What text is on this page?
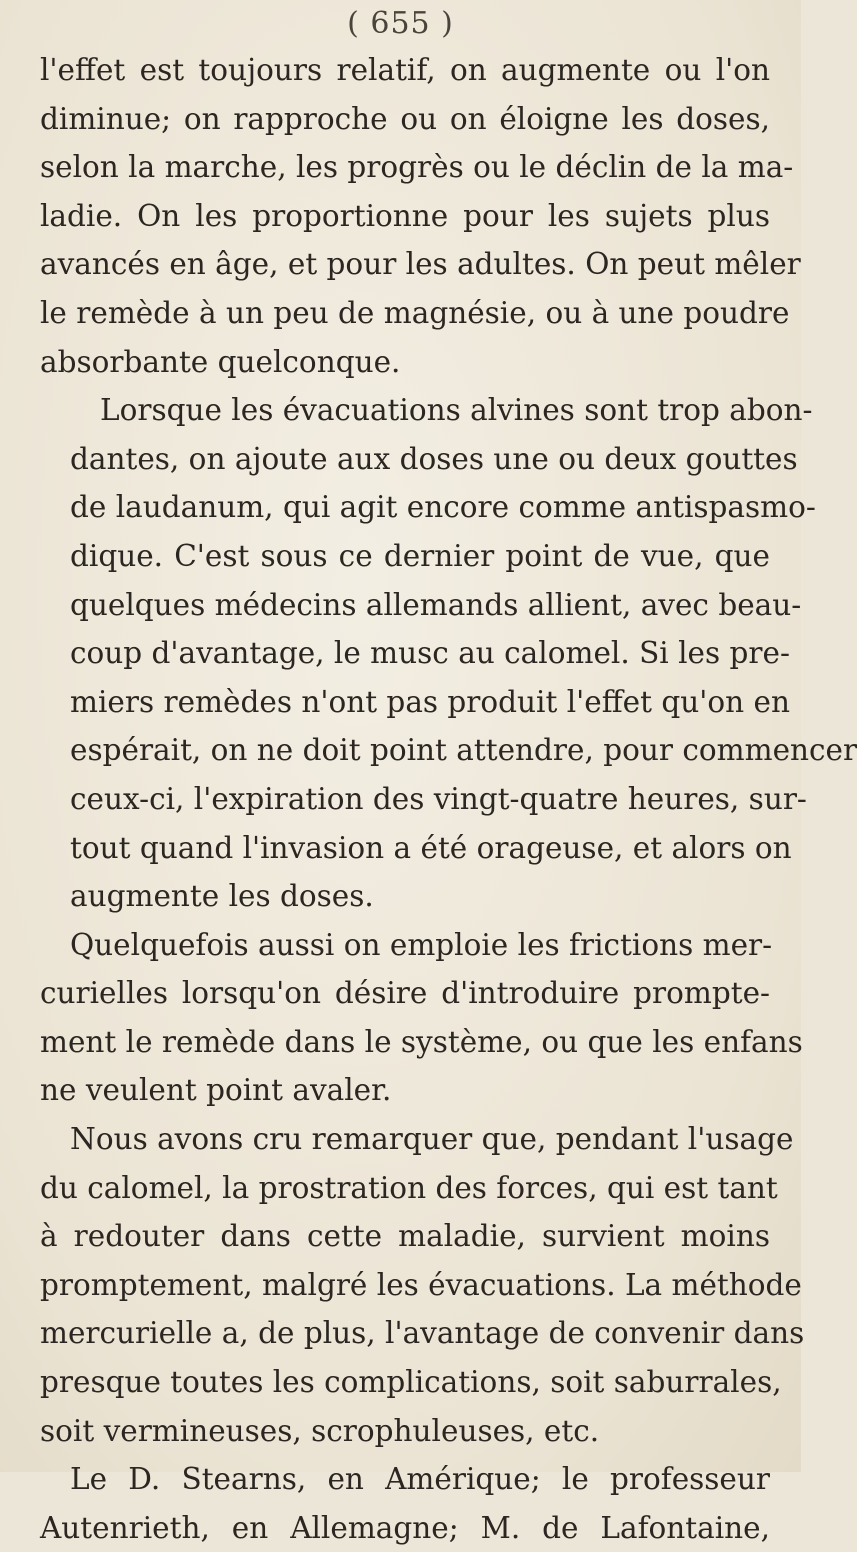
( 655 )

l'effet est toujours relatif, on augmente ou l'on
diminue; on rapproche ou on éloigne les doses,
selon la marche, les progrès ou le déclin de la ma-
ladie. On les proportionne pour les sujets plus
avancés en âge, et pour les adultes. On peut mêler
le remède à un peu de magnésie, ou à une poudre
absorbante quelconque.

Lorsque les évacuations alvines sont trop abon-
dantes, on ajoute aux doses une ou deux gouttes
de laudanum, qui agit encore comme antispasmo-
dique. C'est sous ce dernier point de vue, que
quelques médecins allemands allient, avec beau-
coup d'avantage, le musc au calomel. Si les pre-
miers remèdes n'ont pas produit l'effet qu'on en
espérait, on ne doit point attendre, pour commencer
ceux-ci, l'expiration des vingt-quatre heures, sur-
tout quand l'invasion a été orageuse, et alors on
augmente les doses.

Quelquefois aussi on emploie les frictions mer-
curielles lorsqu'on désire d'introduire prompte-
ment le remède dans le système, ou que les enfans
ne veulent point avaler.

Nous avons cru remarquer que, pendant l'usage
du calomel, la prostration des forces, qui est tant
à redouter dans cette maladie, survient moins
promptement, malgré les évacuations. La méthode
mercurielle a, de plus, l'avantage de convenir dans
presque toutes les complications, soit saburrales,
soit vermineuses, scrophuleuses, etc.

Le D. Stearns, en Amérique; le professeur
Autenrieth, en Allemagne; M. de Lafontaine,
